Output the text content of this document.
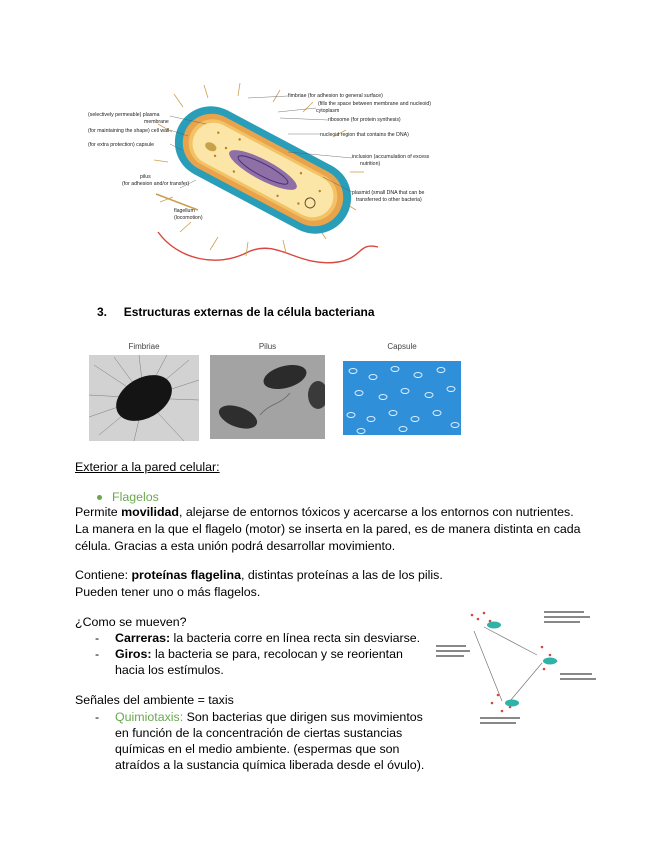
fimbriae (for adhesion to general surface)
(fills the space between membrane and nucleoid)
cytoplasm
ribosome (for protein synthesis)
nucleoid region that contains the DNA)
inclusion (accumulation of excess
nutrition)
plasmid (small DNA that can be
transferred to other bacteria)
(selectively permeable) plasma
membrane
(for maintaining the shape) cell wall
(for extra protection) capsule
pilus
(for adhesion and/or transfer)
flagellum
(locomotion)
3. Estructuras externas de la célula bacteriana
Fimbriae	Pilus	Capsule
Exterior a la pared celular:
Flagelos
Permite movilidad, alejarse de entornos tóxicos y acercarse a los entornos con nutrientes.
La manera en la que el flagelo (motor) se inserta en la pared, es de manera distinta en cada
célula. Gracias a esta unión podrá desarrollar movimiento.
Contiene: proteínas flagelina, distintas proteínas a las de los pilis.
Pueden tener uno o más flagelos.
¿Como se mueven?
- Carreras: la bacteria corre en línea recta sin desviarse.
- Giros: la bacteria se para, recolocan y se reorientan
hacia los estímulos.
Señales del ambiente = taxis
- Quimiotaxis: Son bacterias que dirigen sus movimientos
en función de la concentración de ciertas sustancias
químicas en el medio ambiente. (espermas que son
atraídos a la sustancia química liberada desde el óvulo).
